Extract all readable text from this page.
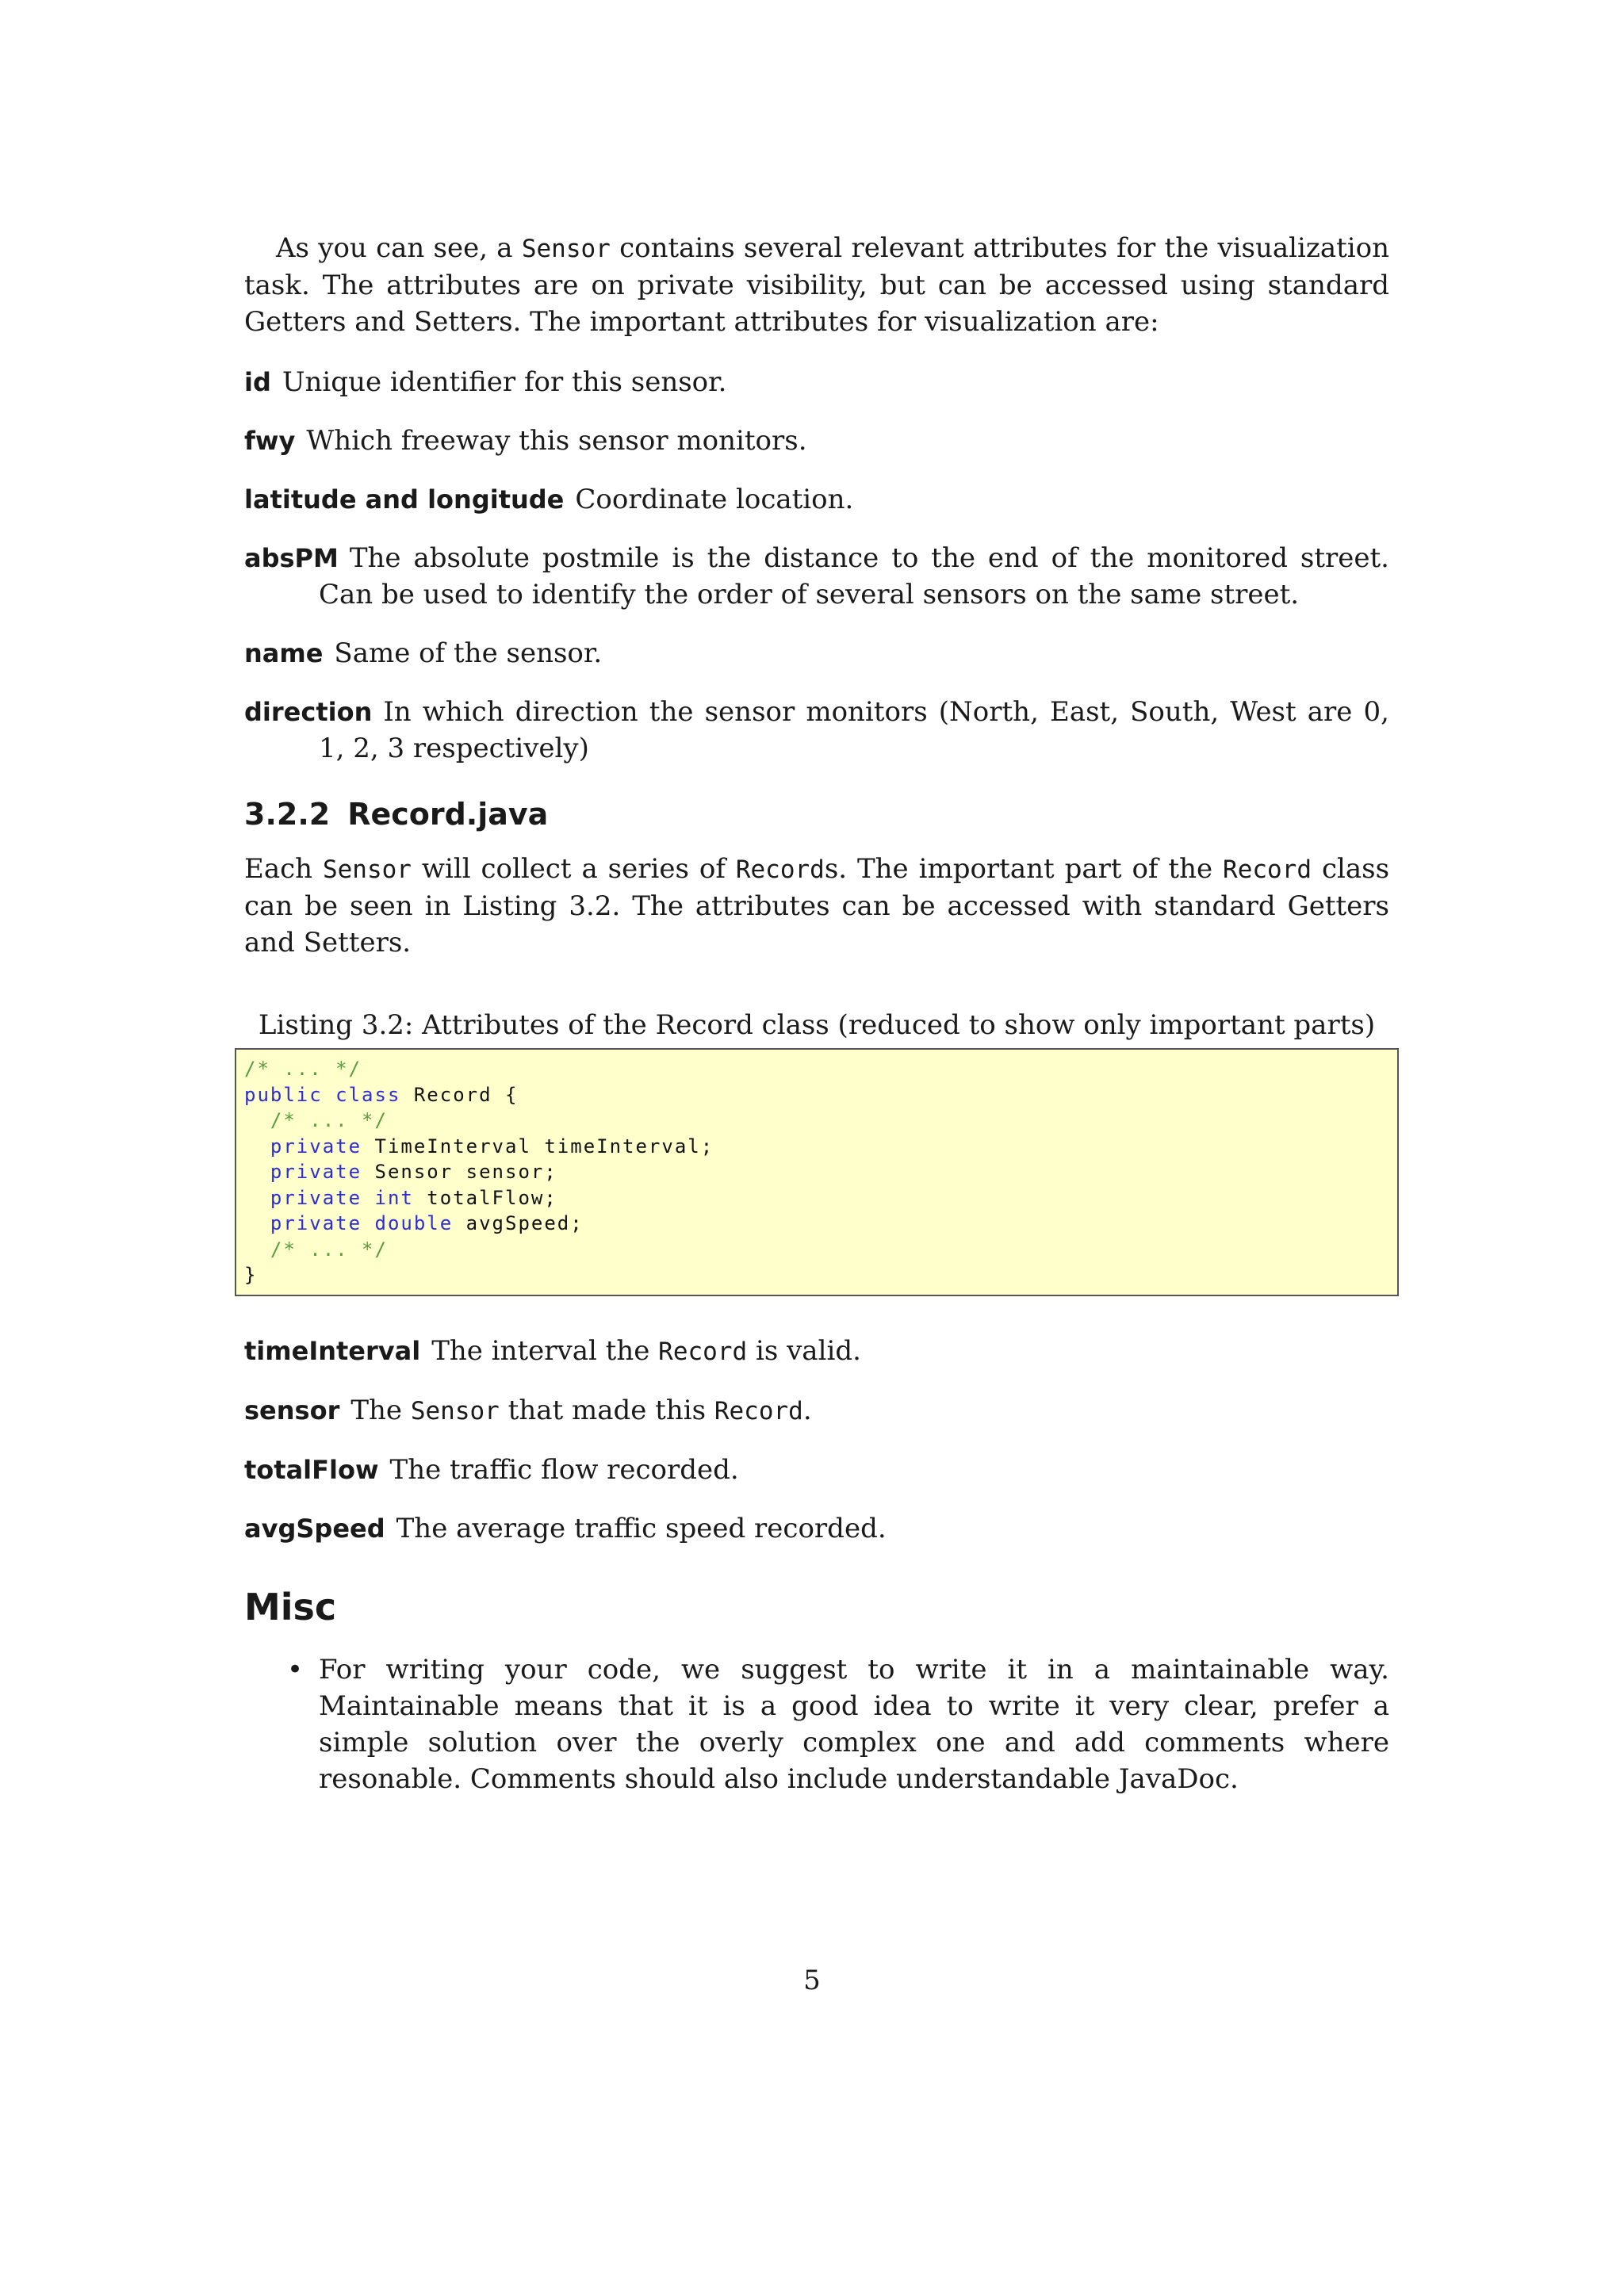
As you can see, a Sensor contains several relevant attributes for the visualization task. The attributes are on private visibility, but can be accessed using standard Getters and Setters. The important attributes for visualization are:

id Unique identifier for this sensor.
fwy Which freeway this sensor monitors.
latitude and longitude Coordinate location.
absPM The absolute postmile is the distance to the end of the monitored street. Can be used to identify the order of several sensors on the same street.
name Same of the sensor.
direction In which direction the sensor monitors (North, East, South, West are 0, 1, 2, 3 respectively)
3.2.2 Record.java

Each Sensor will collect a series of Records. The important part of the Record class can be seen in Listing 3.2. The attributes can be accessed with standard Getters and Setters.

Listing 3.2: Attributes of the Record class (reduced to show only important parts)
/* ... */
public class Record {
/* ... */
private TimeInterval timeInterval;
private Sensor sensor;
private int totalFlow;
private double avgSpeed;
/* ... */
}
timeInterval The interval the Record is valid.
sensor The Sensor that made this Record.
totalFlow The traffic flow recorded.
avgSpeed The average traffic speed recorded.
Misc
• For writing your code, we suggest to write it in a maintainable way. Maintainable means that it is a good idea to write it very clear, prefer a simple solution over the overly complex one and add comments where resonable. Comments should also include understandable JavaDoc.
5
